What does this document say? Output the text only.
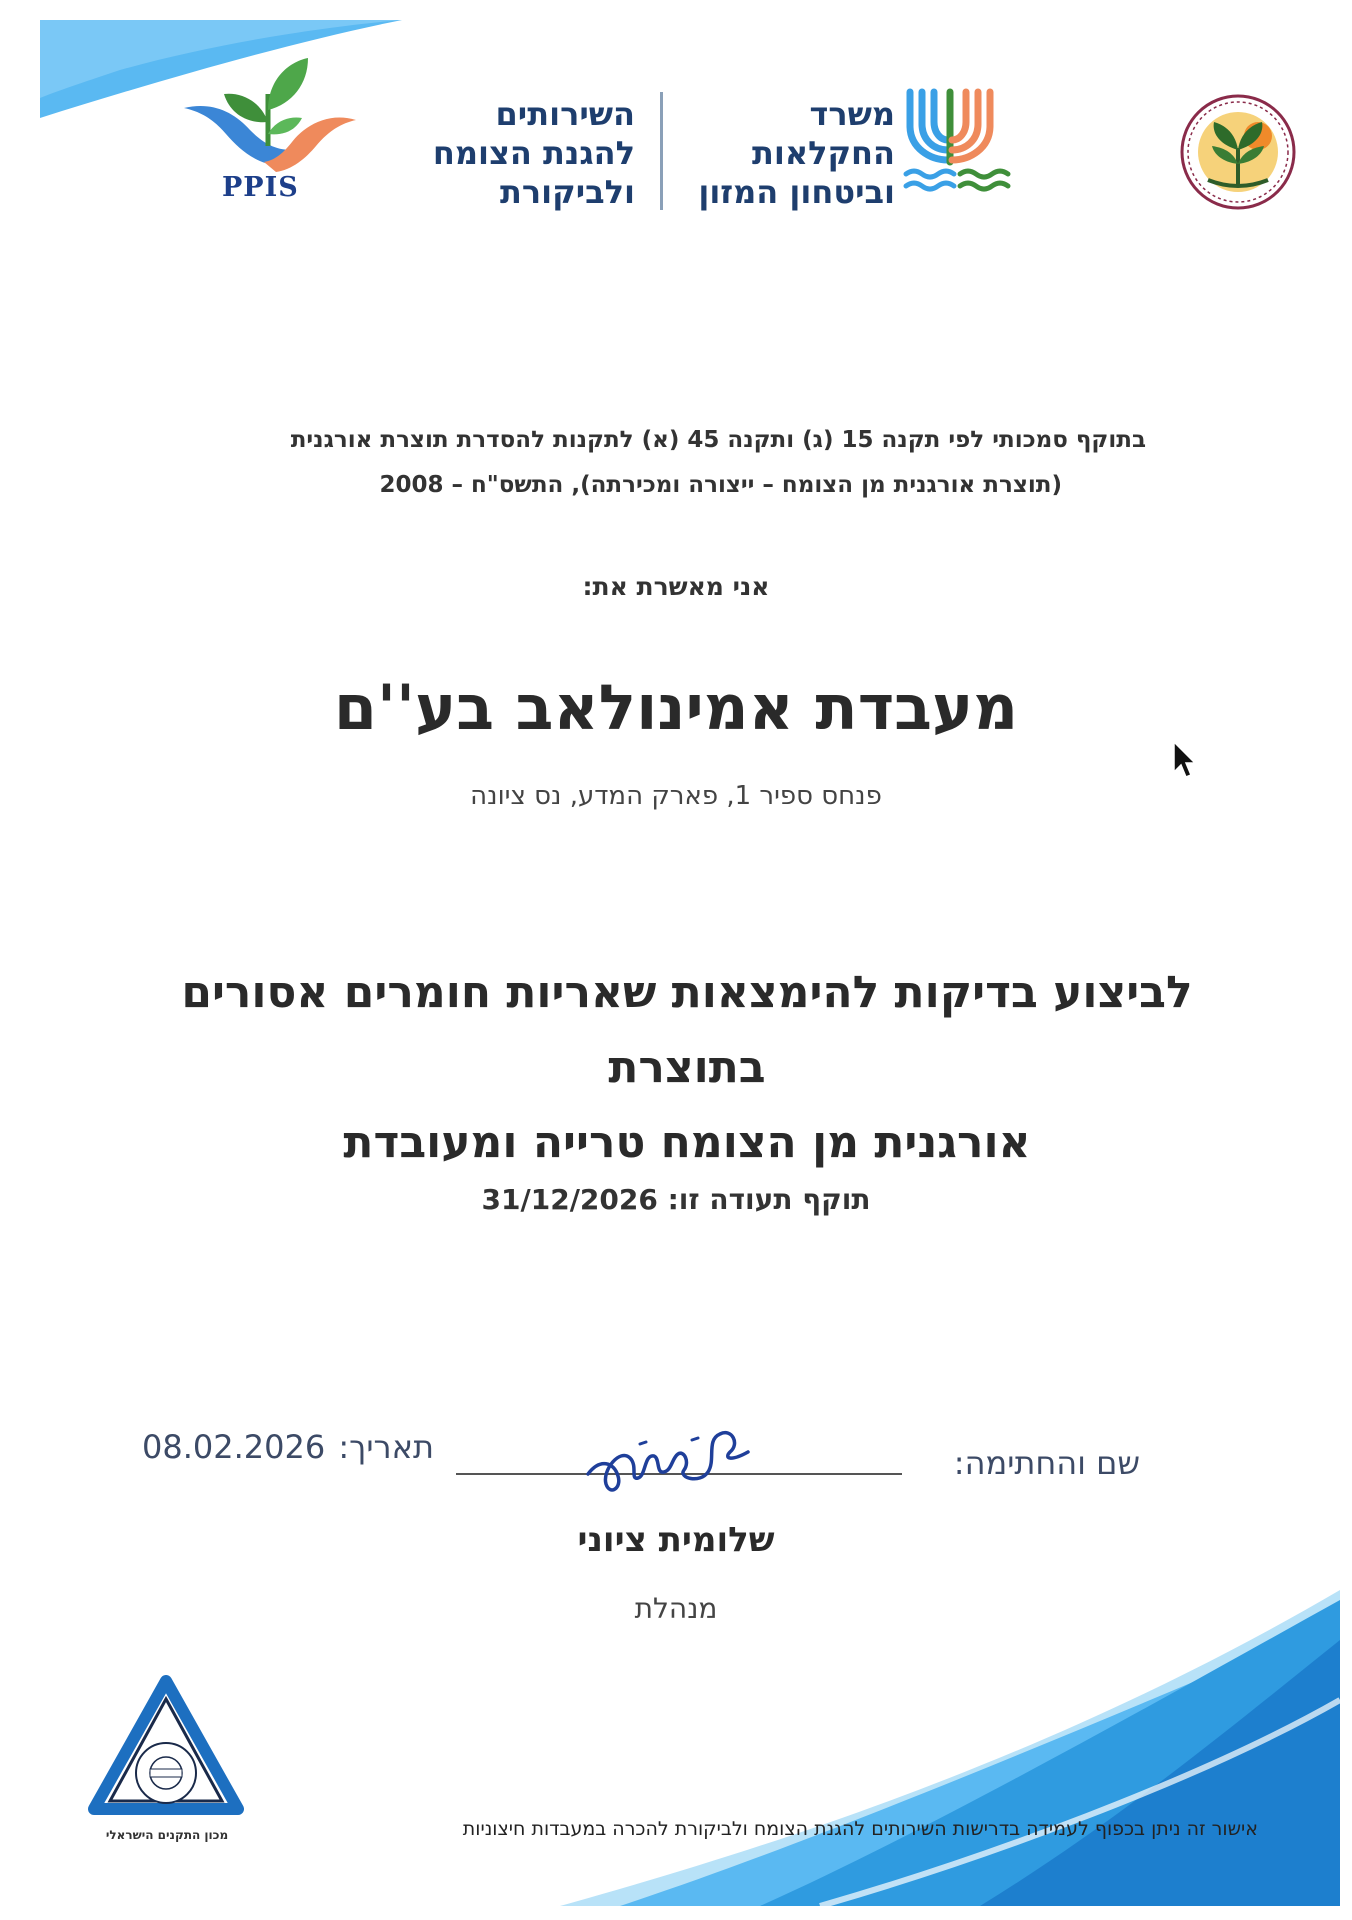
PPIS
השירותים
להגנת הצומח
ולביקורת
משרד
החקלאות
וביטחון המזון
בתוקף סמכותי לפי תקנה 15 (ג) ותקנה 45 (א) לתקנות להסדרת תוצרת אורגנית
(תוצרת אורגנית מן הצומח – ייצורה ומכירתה), התשס"ח – 2008
אני מאשרת את:
מעבדת אמינולאב בע''ם
פנחס ספיר 1, פארק המדע, נס ציונה
לביצוע בדיקות להימצאות שאריות חומרים אסורים בתוצרת
אורגנית מן הצומח טרייה ומעובדת
תוקף תעודה זו: 31/12/2026
שם והחתימה:
תאריך:
08.02.2026
שלומית ציוני
מנהלת
מכון התקנים הישראלי	אישור זה ניתן בכפוף לעמידה בדרישות השירותים להגנת הצומח ולביקורת להכרה במעבדות חיצוניות
